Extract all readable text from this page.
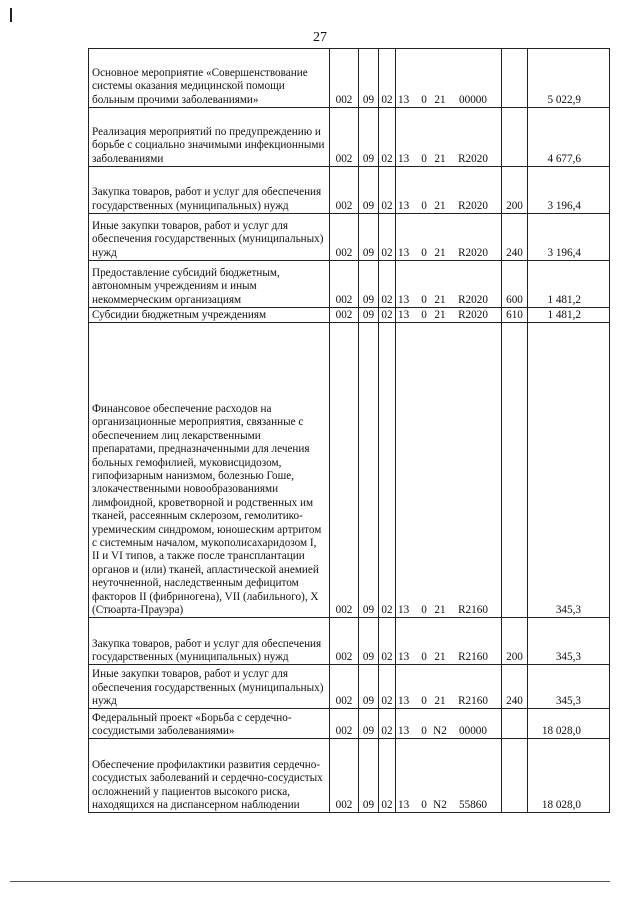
27
Основное мероприятие «Совершенствование системы оказания медицинской помощи больным прочими заболеваниями»	002	09	02	13 0 21 00000		5 022,9
Реализация мероприятий по предупреждению и борьбе с социально значимыми инфекционными заболеваниями	002	09	02	13 0 21 R2020		4 677,6
Закупка товаров, работ и услуг для обеспечения государственных (муниципальных) нужд	002	09	02	13 0 21 R2020	200	3 196,4
Иные закупки товаров, работ и услуг для обеспечения государственных (муниципальных) нужд	002	09	02	13 0 21 R2020	240	3 196,4
Предоставление субсидий бюджетным, автономным учреждениям и иным некоммерческим организациям	002	09	02	13 0 21 R2020	600	1 481,2
Субсидии бюджетным учреждениям	002	09	02	13 0 21 R2020	610	1 481,2
Финансовое обеспечение расходов на организационные мероприятия, связанные с обеспечением лиц лекарственными препаратами, предназначенными для лечения больных гемофилией, муковисцидозом, гипофизарным нанизмом, болезнью Гоше, злокачественными новообразованиями лимфоидной, кроветворной и родственных им тканей, рассеянным склерозом, гемолитико-уремическим синдромом, юношеским артритом с системным началом, мукополисахаридозом I, II и VI типов, а также после трансплантации органов и (или) тканей, апластической анемией неуточненной, наследственным дефицитом факторов II (фибриногена), VII (лабильного), X (Стюарта-Прауэра)	002	09	02	13 0 21 R2160		345,3
Закупка товаров, работ и услуг для обеспечения государственных (муниципальных) нужд	002	09	02	13 0 21 R2160	200	345,3
Иные закупки товаров, работ и услуг для обеспечения государственных (муниципальных) нужд	002	09	02	13 0 21 R2160	240	345,3
Федеральный проект «Борьба с сердечно-сосудистыми заболеваниями»	002	09	02	13 0 N2 00000		18 028,0
Обеспечение профилактики развития сердечно-сосудистых заболеваний и сердечно-сосудистых осложнений у пациентов высокого риска, находящихся на диспансерном наблюдении	002	09	02	13 0 N2 55860		18 028,0
